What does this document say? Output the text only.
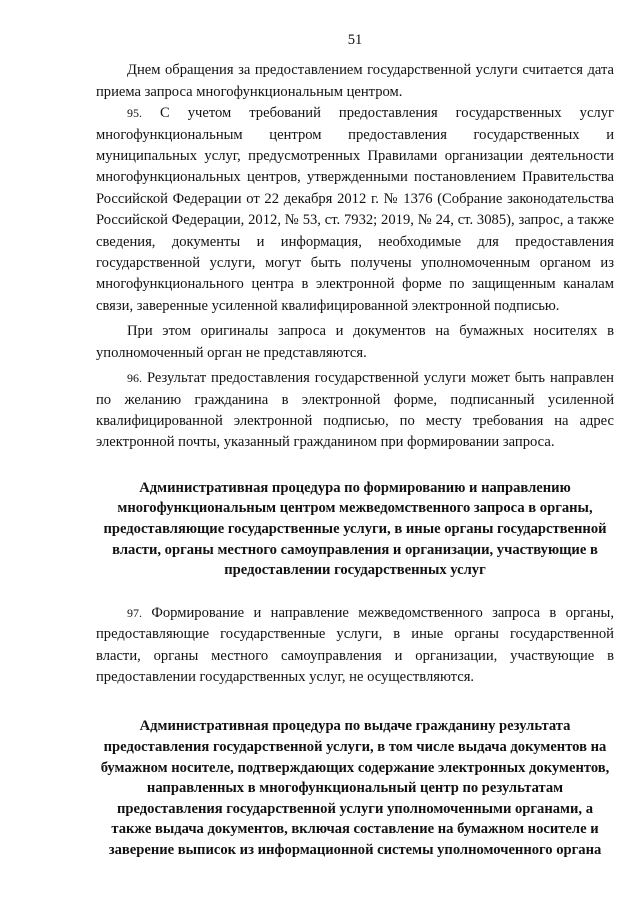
51

Днем обращения за предоставлением государственной услуги считается дата приема запроса многофункциональным центром.

95. С учетом требований предоставления государственных услуг многофункциональным центром предоставления государственных и муниципальных услуг, предусмотренных Правилами организации деятельности многофункциональных центров, утвержденными постановлением Правительства Российской Федерации от 22 декабря 2012 г. № 1376 (Собрание законодательства Российской Федерации, 2012, № 53, ст. 7932; 2019, № 24, ст. 3085), запрос, а также сведения, документы и информация, необходимые для предоставления государственной услуги, могут быть получены уполномоченным органом из многофункционального центра в электронной форме по защищенным каналам связи, заверенные усиленной квалифицированной электронной подписью.

При этом оригиналы запроса и документов на бумажных носителях в уполномоченный орган не представляются.

96. Результат предоставления государственной услуги может быть направлен по желанию гражданина в электронной форме, подписанный усиленной квалифицированной электронной подписью, по месту требования на адрес электронной почты, указанный гражданином при формировании запроса.

Административная процедура по формированию и направлению многофункциональным центром межведомственного запроса в органы, предоставляющие государственные услуги, в иные органы государственной власти, органы местного самоуправления и организации, участвующие в предоставлении государственных услуг

97. Формирование и направление межведомственного запроса в органы, предоставляющие государственные услуги, в иные органы государственной власти, органы местного самоуправления и организации, участвующие в предоставлении государственных услуг, не осуществляются.

Административная процедура по выдаче гражданину результата предоставления государственной услуги, в том числе выдача документов на бумажном носителе, подтверждающих содержание электронных документов, направленных в многофункциональный центр по результатам предоставления государственной услуги уполномоченными органами, а также выдача документов, включая составление на бумажном носителе и заверение выписок из информационной системы уполномоченного органа
